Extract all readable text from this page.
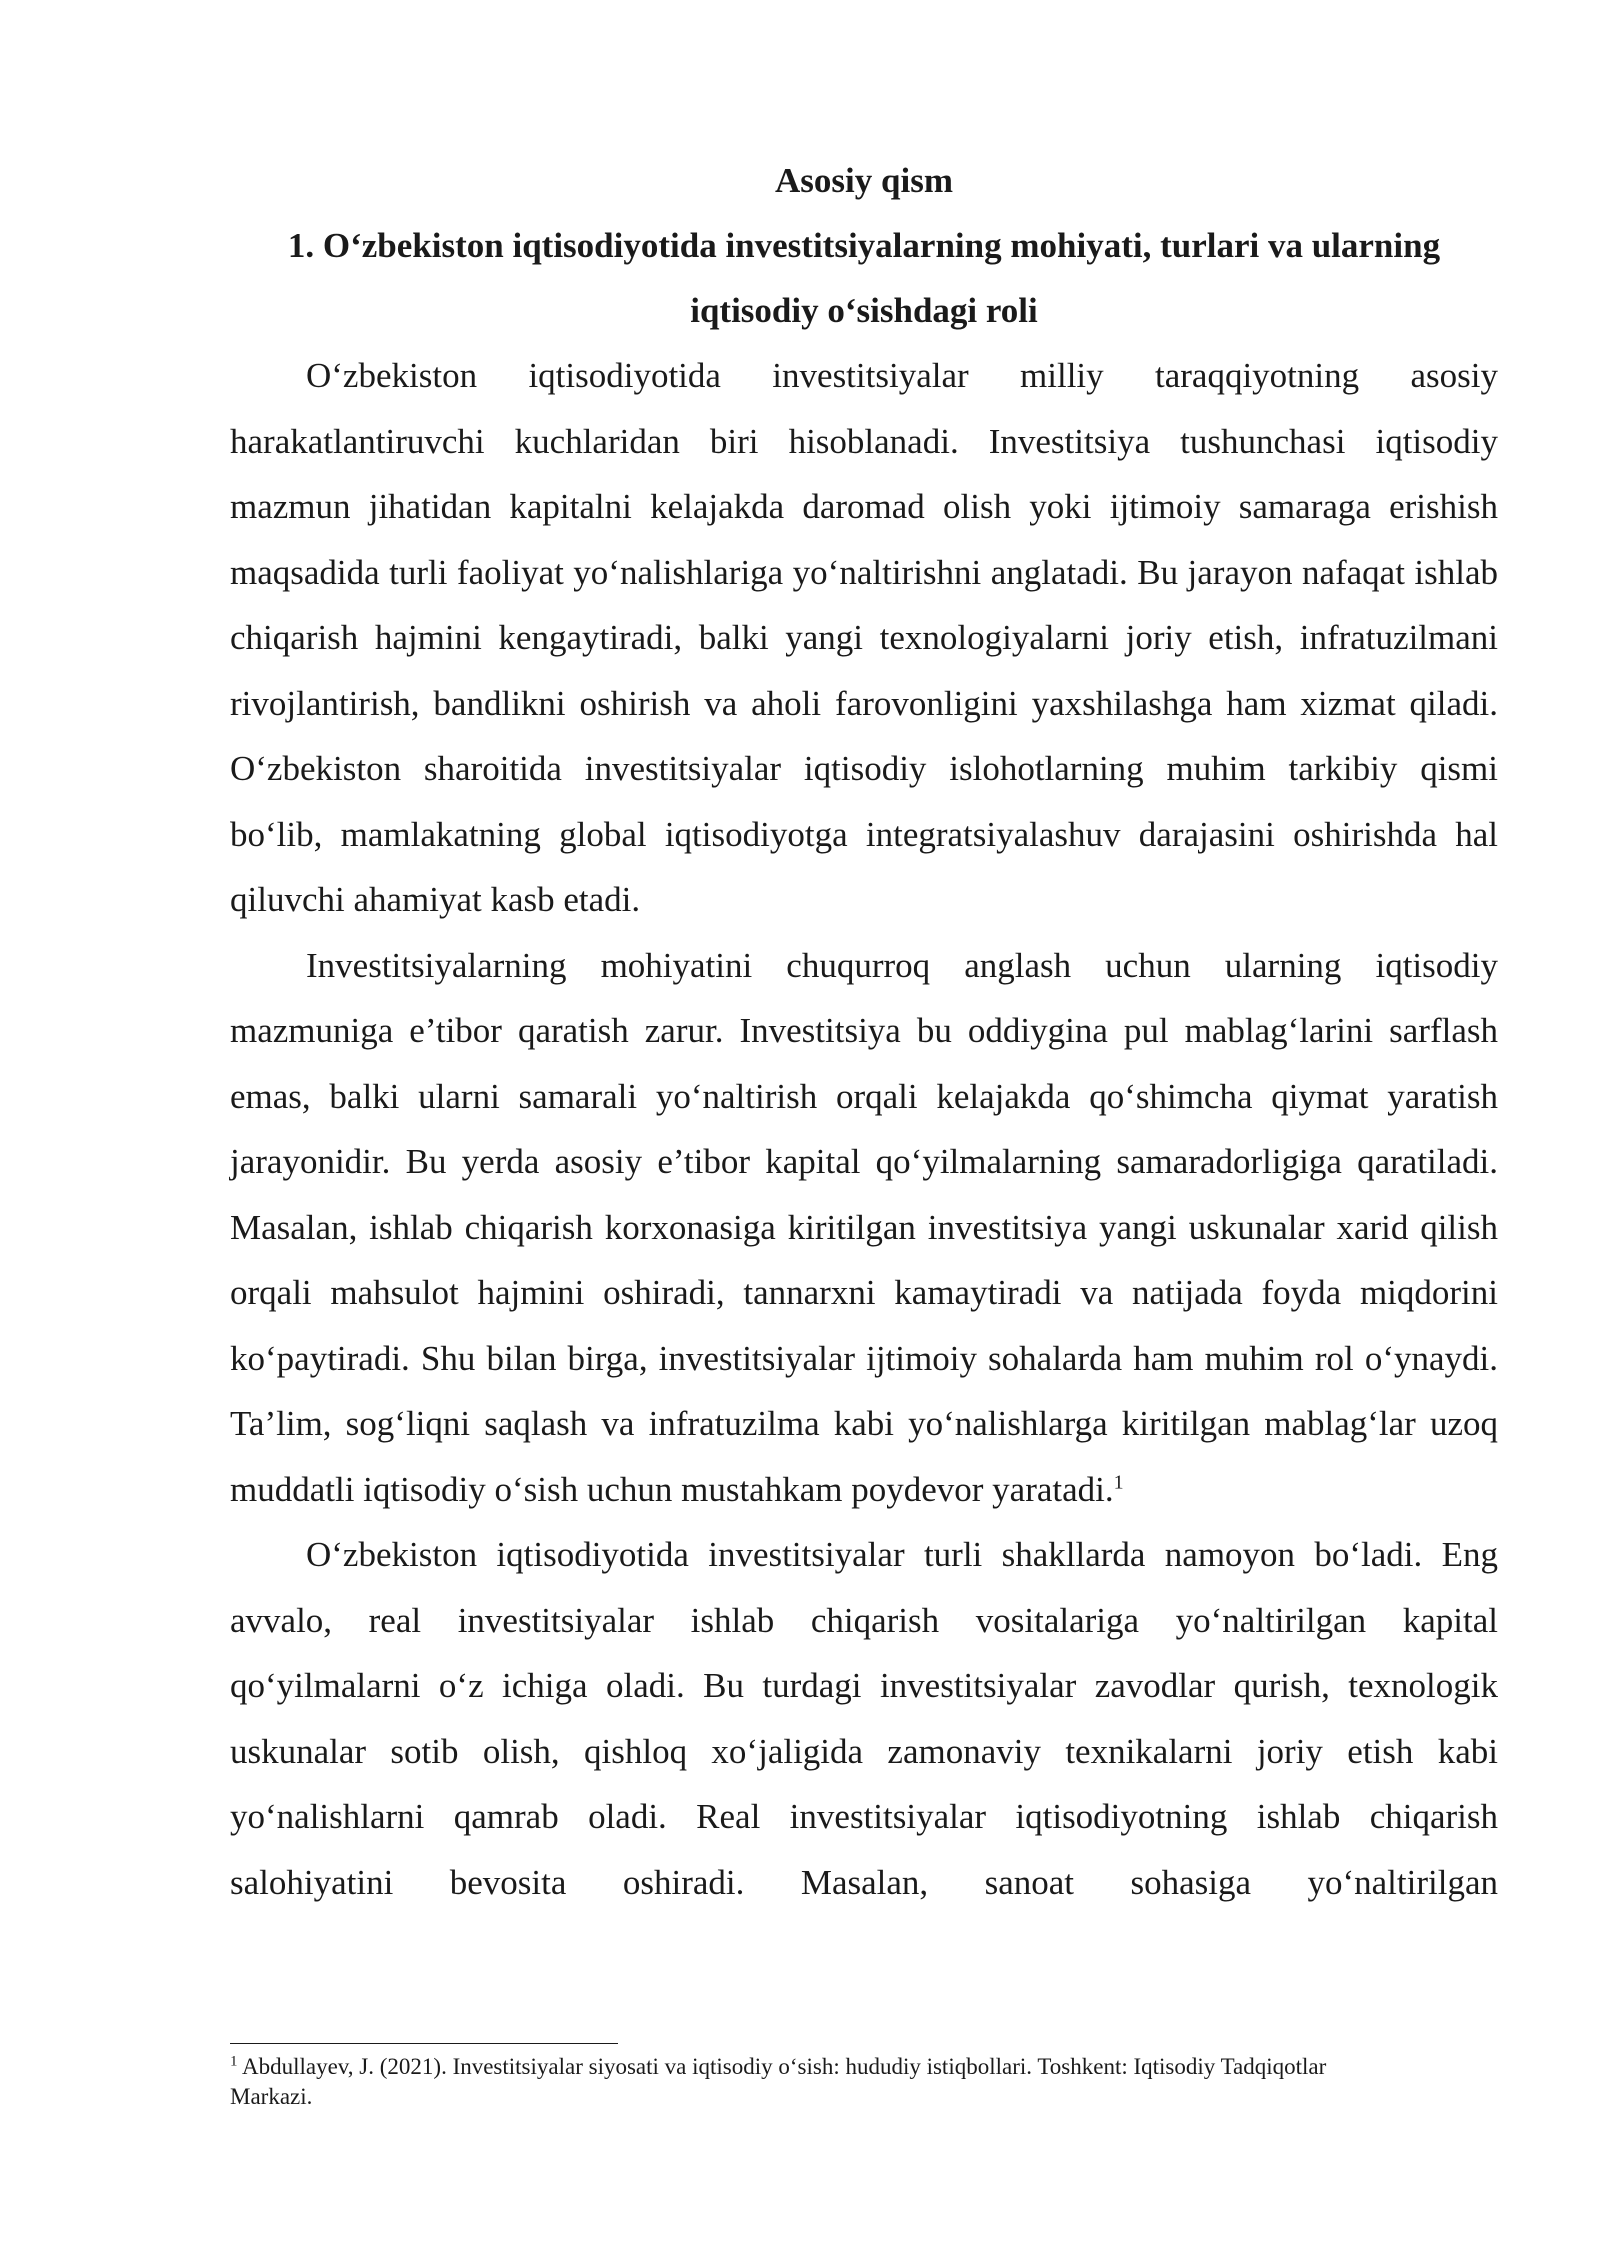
Asosiy qism

1. O‘zbekiston iqtisodiyotida investitsiyalarning mohiyati, turlari va ularning

iqtisodiy o‘sishdagi roli

O‘zbekiston iqtisodiyotida investitsiyalar milliy taraqqiyotning asosiy harakatlantiruvchi kuchlaridan biri hisoblanadi. Investitsiya tushunchasi iqtisodiy mazmun jihatidan kapitalni kelajakda daromad olish yoki ijtimoiy samaraga erishish maqsadida turli faoliyat yo‘nalishlariga yo‘naltirishni anglatadi. Bu jarayon nafaqat ishlab chiqarish hajmini kengaytiradi, balki yangi texnologiyalarni joriy etish, infratuzilmani rivojlantirish, bandlikni oshirish va aholi farovonligini yaxshilashga ham xizmat qiladi. O‘zbekiston sharoitida investitsiyalar iqtisodiy islohotlarning muhim tarkibiy qismi bo‘lib, mamlakatning global iqtisodiyotga integratsiyalashuv darajasini oshirishda hal qiluvchi ahamiyat kasb etadi.

Investitsiyalarning mohiyatini chuqurroq anglash uchun ularning iqtisodiy mazmuniga e’tibor qaratish zarur. Investitsiya bu oddiygina pul mablag‘larini sarflash emas, balki ularni samarali yo‘naltirish orqali kelajakda qo‘shimcha qiymat yaratish jarayonidir. Bu yerda asosiy e’tibor kapital qo‘yilmalarning samaradorligiga qaratiladi. Masalan, ishlab chiqarish korxonasiga kiritilgan investitsiya yangi uskunalar xarid qilish orqali mahsulot hajmini oshiradi, tannarxni kamaytiradi va natijada foyda miqdorini ko‘paytiradi. Shu bilan birga, investitsiyalar ijtimoiy sohalarda ham muhim rol o‘ynaydi. Ta’lim, sog‘liqni saqlash va infratuzilma kabi yo‘nalishlarga kiritilgan mablag‘lar uzoq muddatli iqtisodiy o‘sish uchun mustahkam poydevor yaratadi.$^1$

O‘zbekiston iqtisodiyotida investitsiyalar turli shakllarda namoyon bo‘ladi. Eng avvalo, real investitsiyalar ishlab chiqarish vositalariga yo‘naltirilgan kapital qo‘yilmalarni o‘z ichiga oladi. Bu turdagi investitsiyalar zavodlar qurish, texnologik uskunalar sotib olish, qishloq xo‘jaligida zamonaviy texnikalarni joriy etish kabi yo‘nalishlarni qamrab oladi. Real investitsiyalar iqtisodiyotning ishlab chiqarish salohiyatini bevosita oshiradi. Masalan, sanoat sohasiga yo‘naltirilgan

$^1$ Abdullayev, J. (2021). Investitsiyalar siyosati va iqtisodiy o‘sish: hududiy istiqbollari. Toshkent: Iqtisodiy Tadqiqotlar Markazi.
